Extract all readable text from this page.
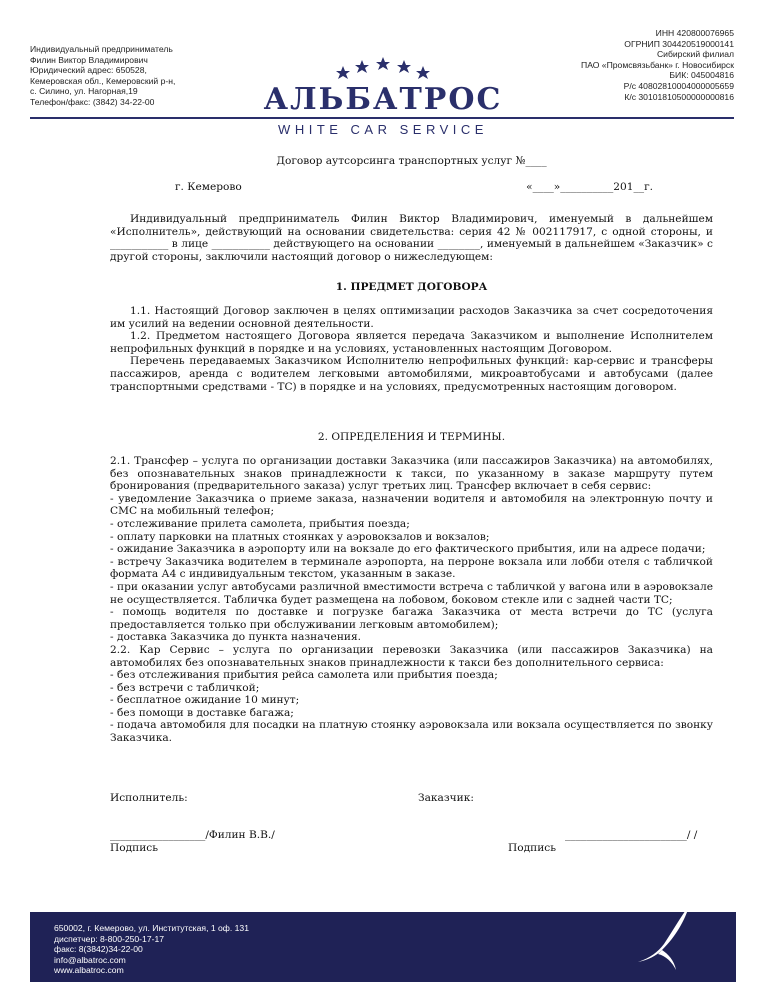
Индивидуальный предприниматель
Филин Виктор Владимирович
Юридический адрес: 650528,
Кемеровская обл., Кемеровский р-н,
с. Силино, ул. Нагорная,19
Телефон/факс: (3842) 34-22-00
ИНН 420800076965
ОГРНИП 304420519000141
Сибирский филиал
ПАО «Промсвязьбанк» г. Новосибирск
БИК: 045004816
Р/с 40802810004000005659
К/с 30101810500000000816
АЛЬБАТРОС
WHITE CAR SERVICE
Договор аутсорсинга транспортных услуг №____
г. Кемерово	«____»__________201__г.
Индивидуальный предприниматель Филин Виктор Владимирович, именуемый в дальнейшем «Исполнитель», действующий на основании свидетельства: серия 42 № 002117917, с одной стороны, и ___________ в лице ___________ действующего на основании ________, именуемый в дальнейшем «Заказчик» с другой стороны, заключили настоящий договор о нижеследующем:
1. ПРЕДМЕТ ДОГОВОРА
1.1. Настоящий Договор заключен в целях оптимизации расходов Заказчика за счет сосредоточения им усилий на ведении основной деятельности.
1.2. Предметом настоящего Договора является передача Заказчиком и выполнение Исполнителем непрофильных функций в порядке и на условиях, установленных настоящим Договором.
Перечень передаваемых Заказчиком Исполнителю непрофильных функций: кар-сервис и трансферы пассажиров, аренда с водителем легковыми автомобилями, микроавтобусами и автобусами (далее транспортными средствами - ТС) в порядке и на условиях, предусмотренных настоящим договором.
2. ОПРЕДЕЛЕНИЯ И ТЕРМИНЫ.
2.1. Трансфер – услуга по организации доставки Заказчика (или пассажиров Заказчика) на автомобилях, без опознавательных знаков принадлежности к такси, по указанному в заказе маршруту путем бронирования (предварительного заказа) услуг третьих лиц. Трансфер включает в себя сервис:
- уведомление Заказчика о приеме заказа, назначении водителя и автомобиля на электронную почту и СМС на мобильный телефон;
- отслеживание прилета самолета, прибытия поезда;
- оплату парковки на платных стоянках у аэровокзалов и вокзалов;
- ожидание Заказчика в аэропорту или на вокзале до его фактического прибытия, или на адресе подачи;
- встречу Заказчика водителем в терминале аэропорта, на перроне вокзала или лобби отеля с табличкой формата А4 с индивидуальным текстом, указанным в заказе.
- при оказании услуг автобусами различной вместимости встреча с табличкой у вагона или в аэровокзале не осуществляется. Табличка будет размещена на лобовом, боковом стекле или с задней части ТС;
- помощь водителя по доставке и погрузке багажа Заказчика от места встречи до ТС (услуга предоставляется только при обслуживании легковым автомобилем);
- доставка Заказчика до пункта назначения.
2.2. Кар Сервис – услуга по организации перевозки Заказчика (или пассажиров Заказчика) на автомобилях без опознавательных знаков принадлежности к такси без дополнительного сервиса:
- без отслеживания прибытия рейса самолета или прибытия поезда;
- без встречи с табличкой;
- бесплатное ожидание 10 минут;
- без помощи в доставке багажа;
- подача автомобиля для посадки на платную стоянку аэровокзала или вокзала осуществляется по звонку Заказчика.
Исполнитель:	Заказчик:
__________________/Филин В.В./	_______________________/ /
Подпись	Подпись
650002, г. Кемерово, ул. Институтская, 1 оф. 131
диспетчер: 8-800-250-17-17
факс: 8(3842)34-22-00
info@albatroc.com
www.albatroc.com
